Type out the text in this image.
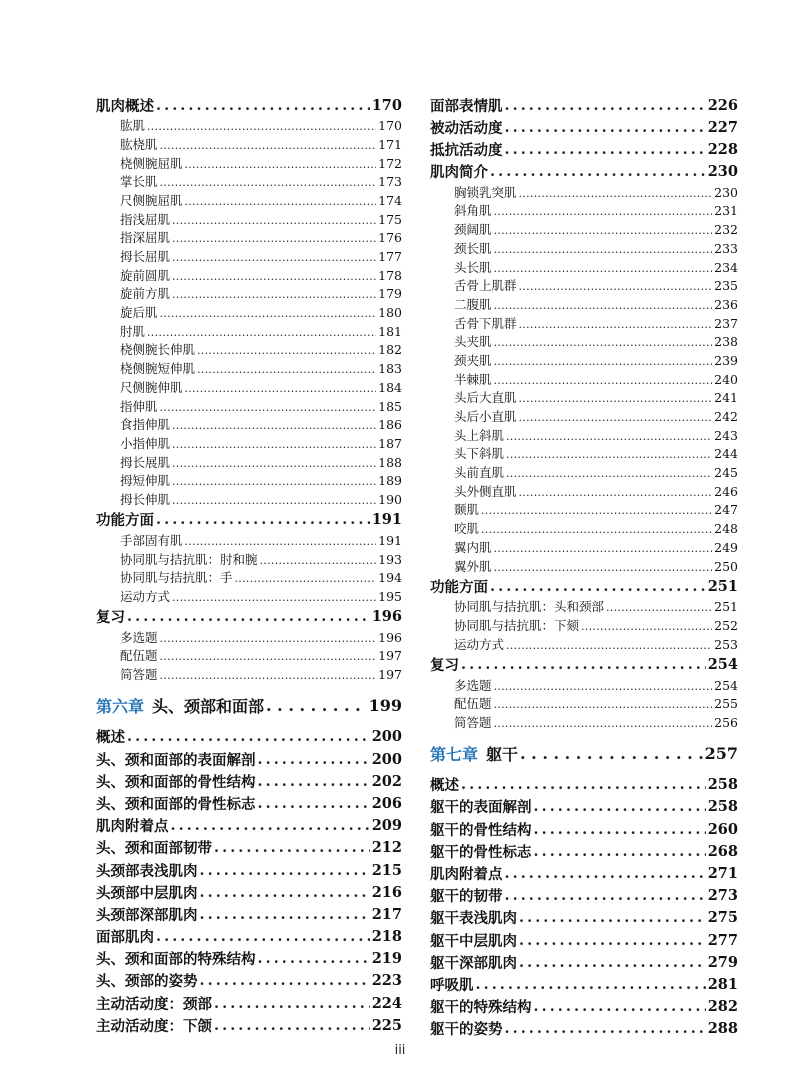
肌肉概述 . . .	170
肱肌 . . .	170
肱桡肌 . . .	171
桡侧腕屈肌 . . .	172
掌长肌 . . .	173
尺侧腕屈肌 . . .	174
指浅屈肌 . . .	175
指深屈肌 . . .	176
拇长屈肌 . . .	177
旋前圆肌 . . .	178
旋前方肌 . . .	179
旋后肌 . . .	180
肘肌 . . .	181
桡侧腕长伸肌 . . .	182
桡侧腕短伸肌 . . .	183
尺侧腕伸肌 . . .	184
指伸肌 . . .	185
食指伸肌 . . .	186
小指伸肌 . . .	187
拇长展肌 . . .	188
拇短伸肌 . . .	189
拇长伸肌 . . .	190
功能方面 . . .	191
手部固有肌 . . .	191
协同肌与拮抗肌：肘和腕 . . .	193
协同肌与拮抗肌：手 . . .	194
运动方式 . . .	195
复习 . . .	196
多选题 . . .	196
配伍题 . . .	197
简答题 . . .	197
第六章 头、颈部和面部 . . .	199
概述 . . .	200
头、颈和面部的表面解剖 . . .	200
头、颈和面部的骨性结构 . . .	202
头、颈和面部的骨性标志 . . .	206
肌肉附着点 . . .	209
头、颈和面部韧带 . . .	212
头颈部表浅肌肉 . . .	215
头颈部中层肌肉 . . .	216
头颈部深部肌肉 . . .	217
面部肌肉 . . .	218
头、颈和面部的特殊结构 . . .	219
头、颈部的姿势 . . .	223
主动活动度：颈部 . . .	224
主动活动度：下颌 . . .	225
面部表情肌 . . .	226
被动活动度 . . .	227
抵抗活动度 . . .	228
肌肉简介 . . .	230
胸锁乳突肌 . . .	230
斜角肌 . . .	231
颈阔肌 . . .	232
颈长肌 . . .	233
头长肌 . . .	234
舌骨上肌群 . . .	235
二腹肌 . . .	236
舌骨下肌群 . . .	237
头夹肌 . . .	238
颈夹肌 . . .	239
半棘肌 . . .	240
头后大直肌 . . .	241
头后小直肌 . . .	242
头上斜肌 . . .	243
头下斜肌 . . .	244
头前直肌 . . .	245
头外侧直肌 . . .	246
颞肌 . . .	247
咬肌 . . .	248
翼内肌 . . .	249
翼外肌 . . .	250
功能方面 . . .	251
协同肌与拮抗肌：头和颈部 . . .	251
协同肌与拮抗肌：下颏 . . .	252
运动方式 . . .	253
复习 . . .	254
多选题 . . .	254
配伍题 . . .	255
简答题 . . .	256
第七章 躯干 . . .	257
概述 . . .	258
躯干的表面解剖 . . .	258
躯干的骨性结构 . . .	260
躯干的骨性标志 . . .	268
肌肉附着点 . . .	271
躯干的韧带 . . .	273
躯干表浅肌肉 . . .	275
躯干中层肌肉 . . .	277
躯干深部肌肉 . . .	279
呼吸肌 . . .	281
躯干的特殊结构 . . .	282
躯干的姿势 . . .	288
iii
